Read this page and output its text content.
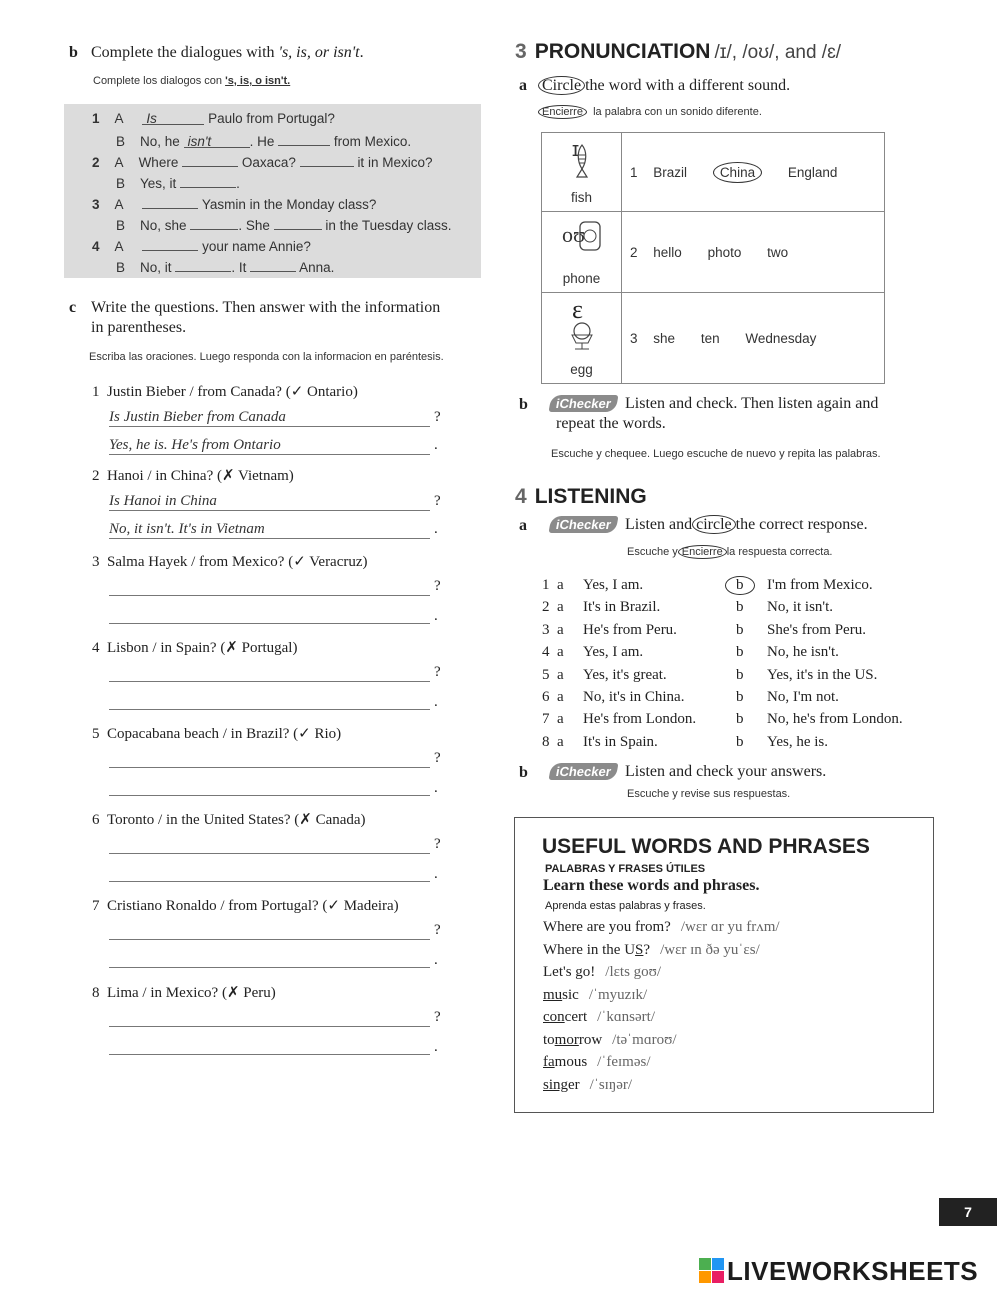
b Complete the dialogues with 's, is, or isn't.
Complete los dialogos con 's, is, o isn't.
1 A Is	Paulo from Portugal?
B No, he isn't	. He	from Mexico.
2 A Where	Oaxaca?	it in Mexico?
B Yes, it	.
3 A	Yasmin in the Monday class?
B No, she	. She	in the Tuesday class.
4 A	your name Annie?
B No, it	. It	Anna.
c Write the questions. Then answer with the information
in parentheses.
Escriba las oraciones. Luego responda con la informacion en paréntesis.
1 Justin Bieber / from Canada? (✓ Ontario)
Is Justin Bieber from Canada	?
Yes, he is. He's from Ontario	.
2 Hanoi / in China? (✗ Vietnam)
Is Hanoi in China	?
No, it isn't. It's in Vietnam	.
3 Salma Hayek / from Mexico? (✓ Veracruz)
?
.
4 Lisbon / in Spain? (✗ Portugal)
?
.
5 Copacabana beach / in Brazil? (✓ Rio)
?
.
6 Toronto / in the United States? (✗ Canada)
?
.
7 Cristiano Ronaldo / from Portugal? (✓ Madeira)
?
.
8 Lima / in Mexico? (✗ Peru)
?
.
3 PRONUNCIATION /ɪ/, /oʊ/, and /ɛ/
a Circle the word with a different sound.
Encierre la palabra con un sonido diferente.
ɪ
fish	1 Brazil China England

oʊ
phone	2 hello photo two

ɛ
egg	3 she ten Wednesday
b	iChecker Listen and check. Then listen again and
repeat the words.
Escuche y chequee. Luego escuche de nuevo y repita las palabras.
4 LISTENING
a	iChecker Listen and circle the correct response.
Escuche y Encierre la respuesta correcta.
1 a Yes, I am.	b	I'm from Mexico.
2 a It's in Brazil.	b No, it isn't.
3 a He's from Peru.	b She's from Peru.
4 a Yes, I am.	b No, he isn't.
5 a Yes, it's great.	b Yes, it's in the US.
6 a No, it's in China.	b No, I'm not.
7 a He's from London.	b No, he's from London.
8 a It's in Spain.	b Yes, he is.
b	iChecker Listen and check your answers.
Escuche y revise sus respuestas.
USEFUL WORDS AND PHRASES
PALABRAS Y FRASES ÚTILES
Learn these words and phrases.
Aprenda estas palabras y frases.
Where are you from? /wɛr ɑr yu frʌm/
Where in the US? /wɛr ɪn ðə yuˈɛs/
Let's go! /lɛts goʊ/
music /ˈmyuzɪk/
concert /ˈkɑnsərt/
tomorrow /təˈmɑroʊ/
famous /ˈfeɪməs/
singer /ˈsɪŋər/
7
LIVEWORKSHEETS
